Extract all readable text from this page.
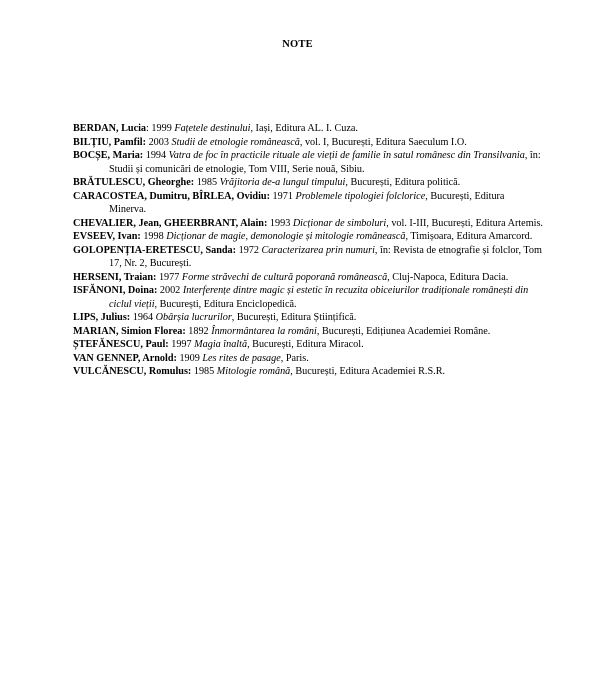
NOTE

BERDAN, Lucia: 1999 Fațetele destinului, Iași, Editura AL. I. Cuza.

BILȚIU, Pamfil: 2003 Studii de etnologie românească, vol. I, București, Editura Saeculum I.O.

BOCȘE, Maria: 1994 Vatra de foc în practicile rituale ale vieții de familie în satul românesc din Transilvania, în: Studii și comunicări de etnologie, Tom VIII, Serie nouă, Sibiu.

BRĂTULESCU, Gheorghe: 1985 Vrăjitoria de-a lungul timpului, București, Editura politică.

CARACOSTEA, Dumitru, BÎRLEA, Ovidiu: 1971 Problemele tipologiei folclorice, București, Editura Minerva.

CHEVALIER, Jean, GHEERBRANT, Alain: 1993 Dicționar de simboluri, vol. I-III, București, Editura Artemis.

EVSEEV, Ivan: 1998 Dicționar de magie, demonologie și mitologie românească, Timișoara, Editura Amarcord.

GOLOPENȚIA-ERETESCU, Sanda: 1972 Caracterizarea prin numuri, în: Revista de etnografie și folclor, Tom 17, Nr. 2, București.

HERSENI, Traian: 1977 Forme străvechi de cultură poporană românească, Cluj-Napoca, Editura Dacia.

ISFĂNONI, Doina: 2002 Interferențe dintre magic și estetic în recuzita obiceiurilor tradiționale românești din ciclul vieții, București, Editura Enciclopedică.

LIPS, Julius: 1964 Obârșia lucrurilor, București, Editura Științifică.

MARIAN, Simion Florea: 1892 Înmormântarea la români, București, Edițiunea Academiei Române.

ȘTEFĂNESCU, Paul: 1997 Magia înaltă, București, Editura Miracol.

VAN GENNEP, Arnold: 1909 Les rites de pasage, Paris.

VULCĂNESCU, Romulus: 1985 Mitologie română, București, Editura Academiei R.S.R.
